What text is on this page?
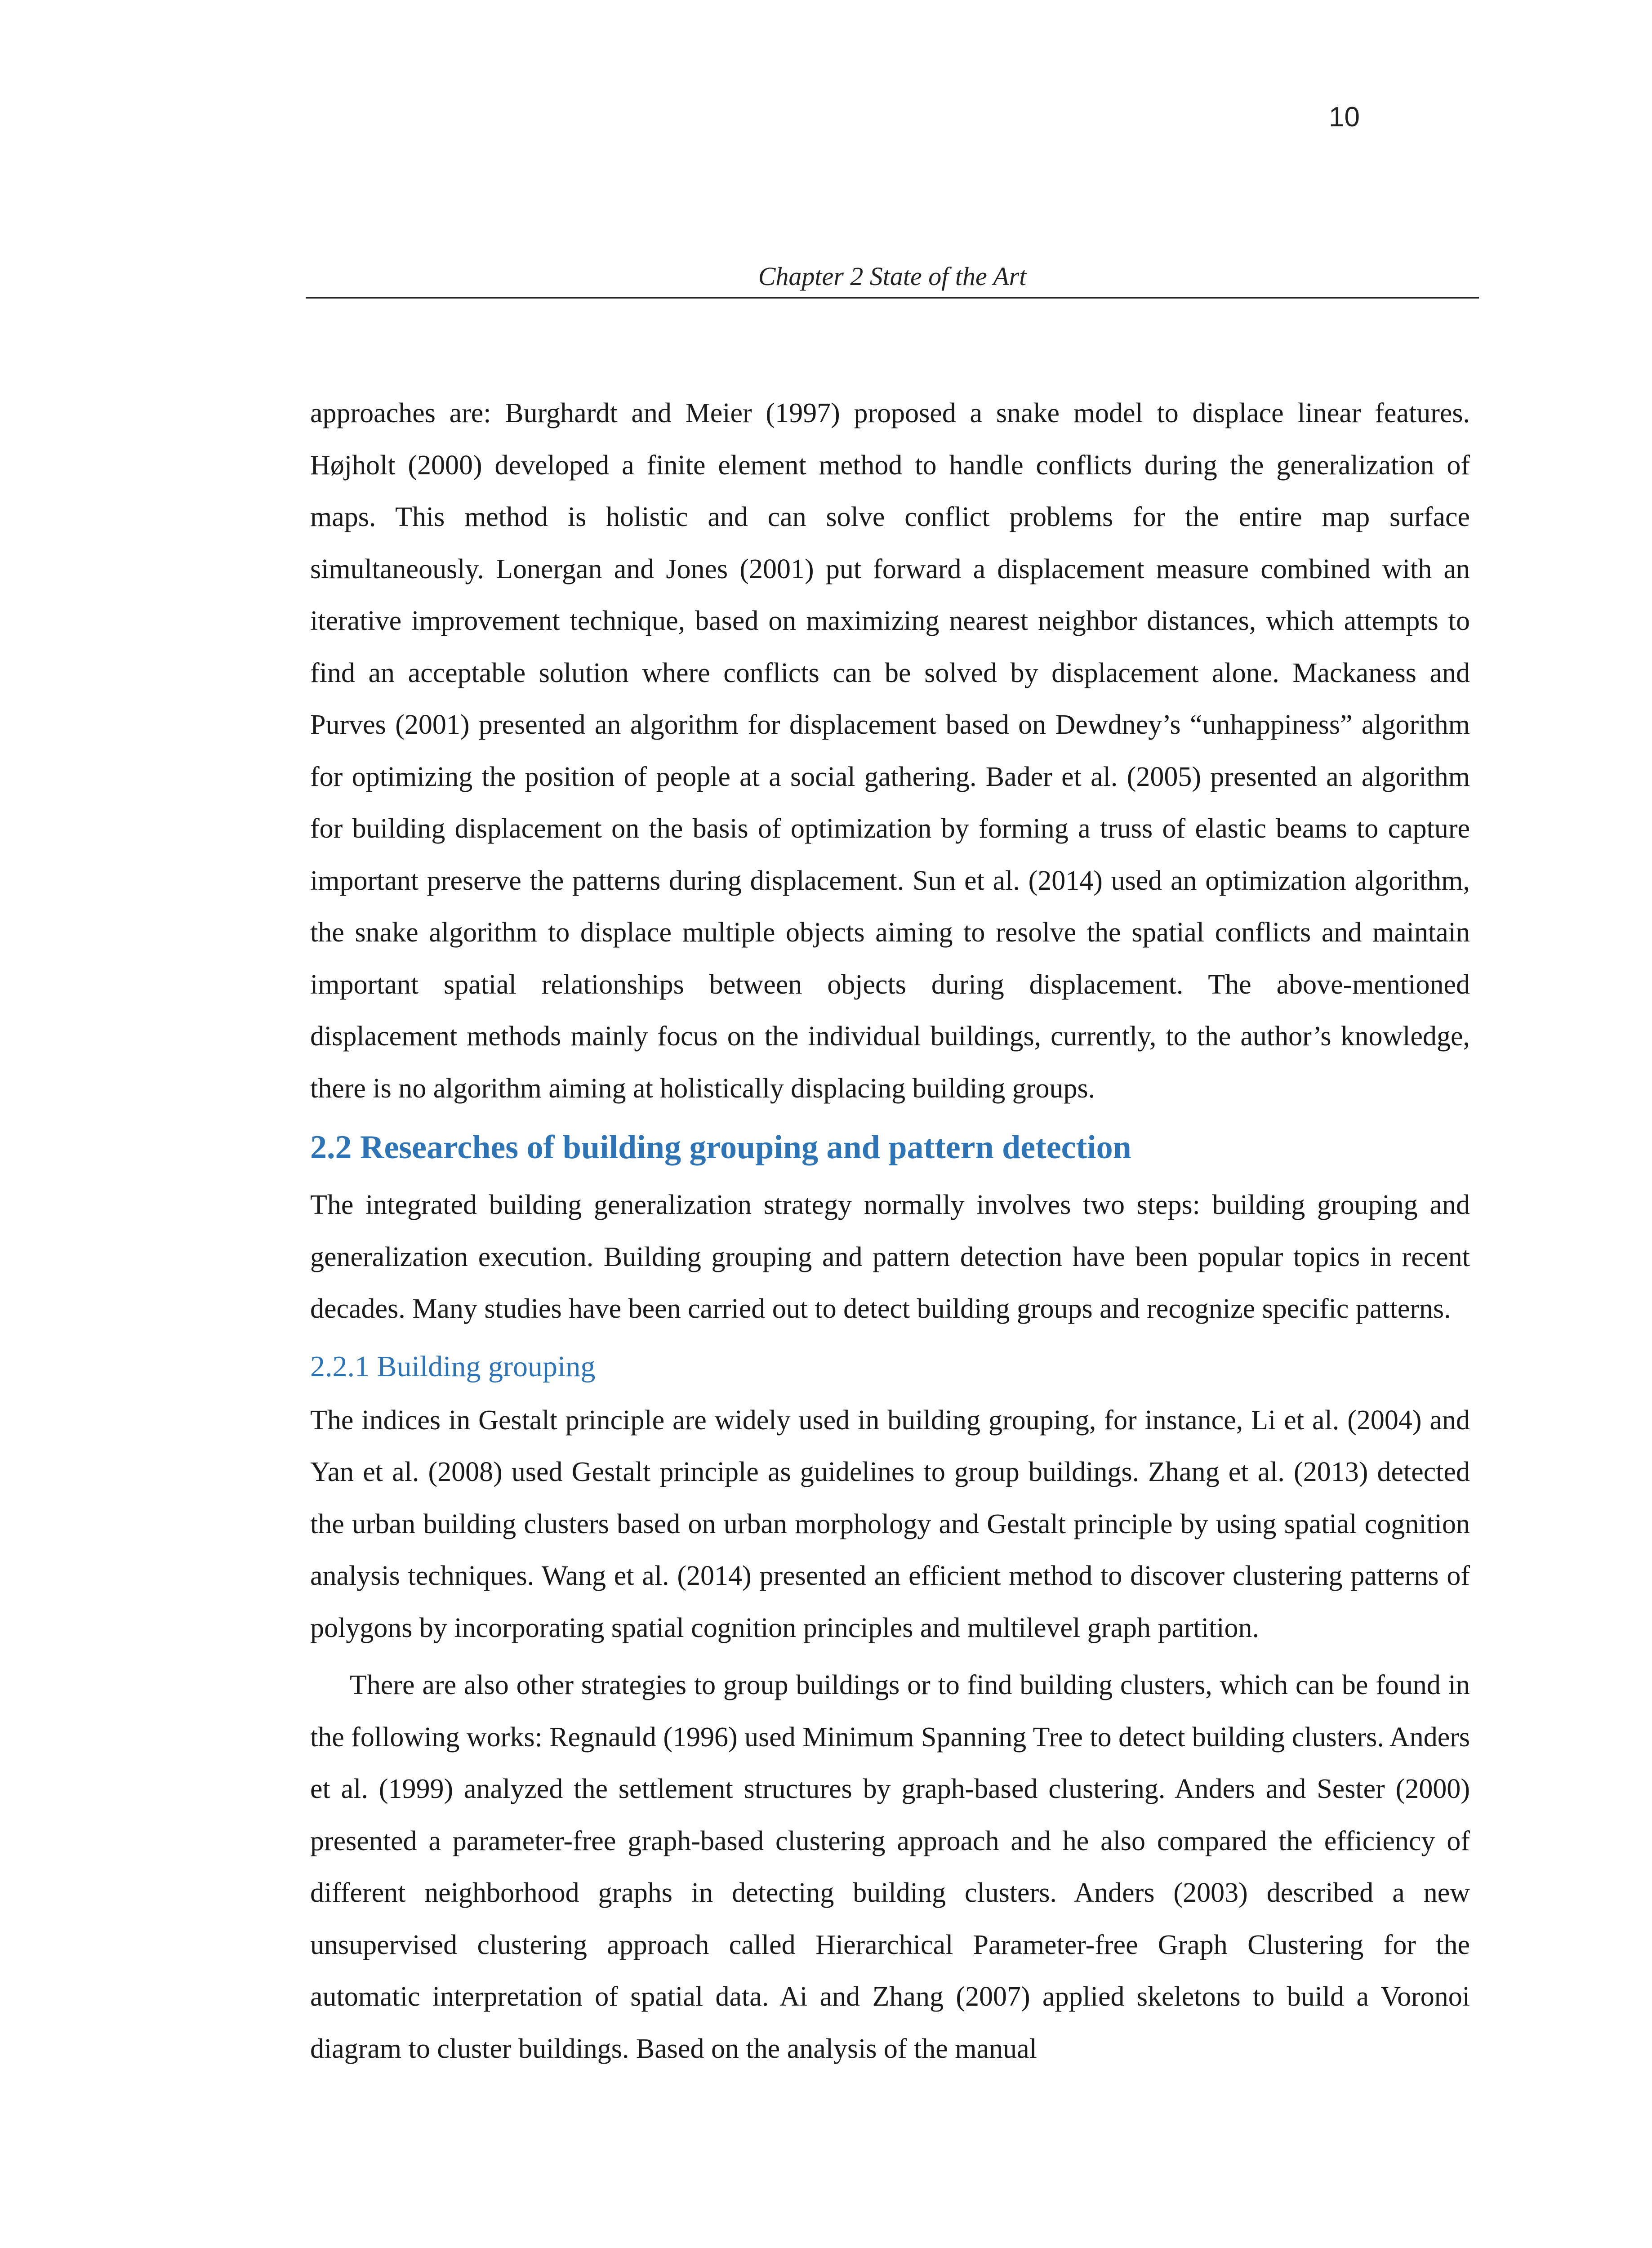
10
Chapter 2 State of the Art

approaches are: Burghardt and Meier (1997) proposed a snake model to displace linear features. Højholt (2000) developed a finite element method to handle conflicts during the generalization of maps. This method is holistic and can solve conflict problems for the entire map surface simultaneously. Lonergan and Jones (2001) put forward a displacement measure combined with an iterative improvement technique, based on maximizing nearest neighbor distances, which attempts to find an acceptable solution where conflicts can be solved by displacement alone. Mackaness and Purves (2001) presented an algorithm for displacement based on Dewdney’s “unhappiness” algorithm for optimizing the position of people at a social gathering. Bader et al. (2005) presented an algorithm for building displacement on the basis of optimization by forming a truss of elastic beams to capture important preserve the patterns during displacement. Sun et al. (2014) used an optimization algorithm, the snake algorithm to displace multiple objects aiming to resolve the spatial conflicts and maintain important spatial relationships between objects during displacement. The above-mentioned displacement methods mainly focus on the individual buildings, currently, to the author’s knowledge, there is no algorithm aiming at holistically displacing building groups.

2.2 Researches of building grouping and pattern detection

The integrated building generalization strategy normally involves two steps: building grouping and generalization execution. Building grouping and pattern detection have been popular topics in recent decades. Many studies have been carried out to detect building groups and recognize specific patterns.

2.2.1 Building grouping

The indices in Gestalt principle are widely used in building grouping, for instance, Li et al. (2004) and Yan et al. (2008) used Gestalt principle as guidelines to group buildings. Zhang et al. (2013) detected the urban building clusters based on urban morphology and Gestalt principle by using spatial cognition analysis techniques. Wang et al. (2014) presented an efficient method to discover clustering patterns of polygons by incorporating spatial cognition principles and multilevel graph partition.

There are also other strategies to group buildings or to find building clusters, which can be found in the following works: Regnauld (1996) used Minimum Spanning Tree to detect building clusters. Anders et al. (1999) analyzed the settlement structures by graph-based clustering. Anders and Sester (2000) presented a parameter-free graph-based clustering approach and he also compared the efficiency of different neighborhood graphs in detecting building clusters. Anders (2003) described a new unsupervised clustering approach called Hierarchical Parameter-free Graph Clustering for the automatic interpretation of spatial data. Ai and Zhang (2007) applied skeletons to build a Voronoi diagram to cluster buildings. Based on the analysis of the manual
